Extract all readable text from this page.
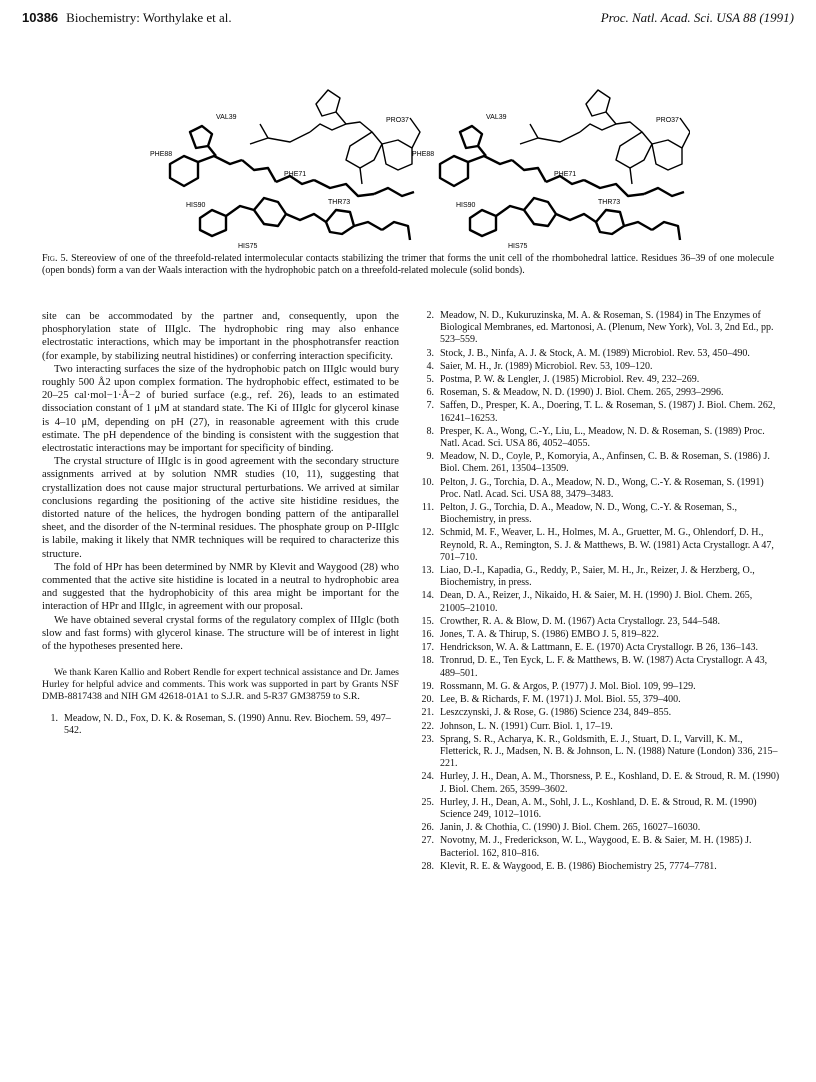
10386 Biochemistry: Worthylake et al.	Proc. Natl. Acad. Sci. USA 88 (1991)
VAL39	PRO37
PHE88
PHE71
HIS90	THR73
HIS75
VAL39	PRO37
PHE88
PHE71
HIS90	THR73
HIS75
Fig. 5. Stereoview of one of the threefold-related intermolecular contacts stabilizing the trimer that forms the unit cell of the rhombohedral lattice. Residues 36–39 of one molecule (open bonds) form a van der Waals interaction with the hydrophobic patch on a threefold-related molecule (solid bonds).

site can be accommodated by the partner and, consequently, upon the phosphorylation state of IIIglc. The hydrophobic ring may also enhance electrostatic interactions, which may be important in the phosphotransfer reaction (for example, by stabilizing neutral histidines) or conferring interaction specificity.

Two interacting surfaces the size of the hydrophobic patch on IIIglc would bury roughly 500 Å2 upon complex formation. The hydrophobic effect, estimated to be 20–25 cal·mol−1·Å−2 of buried surface (e.g., ref. 26), leads to an estimated dissociation constant of 1 μM at standard state. The Ki of IIIglc for glycerol kinase is 4–10 μM, depending on pH (27), in reasonable agreement with this crude estimate. The pH dependence of the binding is consistent with the suggestion that electrostatic interactions may be important for specificity of binding.

The crystal structure of IIIglc is in good agreement with the secondary structure assignments arrived at by solution NMR studies (10, 11), suggesting that crystallization does not cause major structural perturbations. We arrived at similar conclusions regarding the positioning of the active site histidine residues, the distorted nature of the helices, the hydrogen bonding pattern of the antiparallel sheet, and the disorder of the N-terminal residues. The phosphate group on P-IIIglc is labile, making it likely that NMR techniques will be required to characterize this structure.

The fold of HPr has been determined by NMR by Klevit and Waygood (28) who commented that the active site histidine is located in a neutral to hydrophobic area and suggested that the hydrophobicity of this area might be important for the interaction of HPr and IIIglc, in agreement with our proposal.

We have obtained several crystal forms of the regulatory complex of IIIglc (both slow and fast forms) with glycerol kinase. The structure will be of interest in light of the hypotheses presented here.

We thank Karen Kallio and Robert Rendle for expert technical assistance and Dr. James Hurley for helpful advice and comments. This work was supported in part by Grants NSF DMB-8817438 and NIH GM 42618-01A1 to S.J.R. and 5-R37 GM38759 to S.R.

1. Meadow, N. D., Fox, D. K. & Roseman, S. (1990) Annu. Rev. Biochem. 59, 497–542.
2. Meadow, N. D., Kukuruzinska, M. A. & Roseman, S. (1984) in The Enzymes of Biological Membranes, ed. Martonosi, A. (Plenum, New York), Vol. 3, 2nd Ed., pp. 523–559.
3. Stock, J. B., Ninfa, A. J. & Stock, A. M. (1989) Microbiol. Rev. 53, 450–490.
4. Saier, M. H., Jr. (1989) Microbiol. Rev. 53, 109–120.
5. Postma, P. W. & Lengler, J. (1985) Microbiol. Rev. 49, 232–269.
6. Roseman, S. & Meadow, N. D. (1990) J. Biol. Chem. 265, 2993–2996.
7. Saffen, D., Presper, K. A., Doering, T. L. & Roseman, S. (1987) J. Biol. Chem. 262, 16241–16253.
8. Presper, K. A., Wong, C.-Y., Liu, L., Meadow, N. D. & Roseman, S. (1989) Proc. Natl. Acad. Sci. USA 86, 4052–4055.
9. Meadow, N. D., Coyle, P., Komoryia, A., Anfinsen, C. B. & Roseman, S. (1986) J. Biol. Chem. 261, 13504–13509.
10. Pelton, J. G., Torchia, D. A., Meadow, N. D., Wong, C.-Y. & Roseman, S. (1991) Proc. Natl. Acad. Sci. USA 88, 3479–3483.
11. Pelton, J. G., Torchia, D. A., Meadow, N. D., Wong, C.-Y. & Roseman, S., Biochemistry, in press.
12. Schmid, M. F., Weaver, L. H., Holmes, M. A., Gruetter, M. G., Ohlendorf, D. H., Reynold, R. A., Remington, S. J. & Matthews, B. W. (1981) Acta Crystallogr. A 47, 701–710.
13. Liao, D.-I., Kapadia, G., Reddy, P., Saier, M. H., Jr., Reizer, J. & Herzberg, O., Biochemistry, in press.
14. Dean, D. A., Reizer, J., Nikaido, H. & Saier, M. H. (1990) J. Biol. Chem. 265, 21005–21010.
15. Crowther, R. A. & Blow, D. M. (1967) Acta Crystallogr. 23, 544–548.
16. Jones, T. A. & Thirup, S. (1986) EMBO J. 5, 819–822.
17. Hendrickson, W. A. & Lattmann, E. E. (1970) Acta Crystallogr. B 26, 136–143.
18. Tronrud, D. E., Ten Eyck, L. F. & Matthews, B. W. (1987) Acta Crystallogr. A 43, 489–501.
19. Rossmann, M. G. & Argos, P. (1977) J. Mol. Biol. 109, 99–129.
20. Lee, B. & Richards, F. M. (1971) J. Mol. Biol. 55, 379–400.
21. Leszczynski, J. & Rose, G. (1986) Science 234, 849–855.
22. Johnson, L. N. (1991) Curr. Biol. 1, 17–19.
23. Sprang, S. R., Acharya, K. R., Goldsmith, E. J., Stuart, D. I., Varvill, K. M., Fletterick, R. J., Madsen, N. B. & Johnson, L. N. (1988) Nature (London) 336, 215–221.
24. Hurley, J. H., Dean, A. M., Thorsness, P. E., Koshland, D. E. & Stroud, R. M. (1990) J. Biol. Chem. 265, 3599–3602.
25. Hurley, J. H., Dean, A. M., Sohl, J. L., Koshland, D. E. & Stroud, R. M. (1990) Science 249, 1012–1016.
26. Janin, J. & Chothia, C. (1990) J. Biol. Chem. 265, 16027–16030.
27. Novotny, M. J., Frederickson, W. L., Waygood, E. B. & Saier, M. H. (1985) J. Bacteriol. 162, 810–816.
28. Klevit, R. E. & Waygood, E. B. (1986) Biochemistry 25, 7774–7781.
